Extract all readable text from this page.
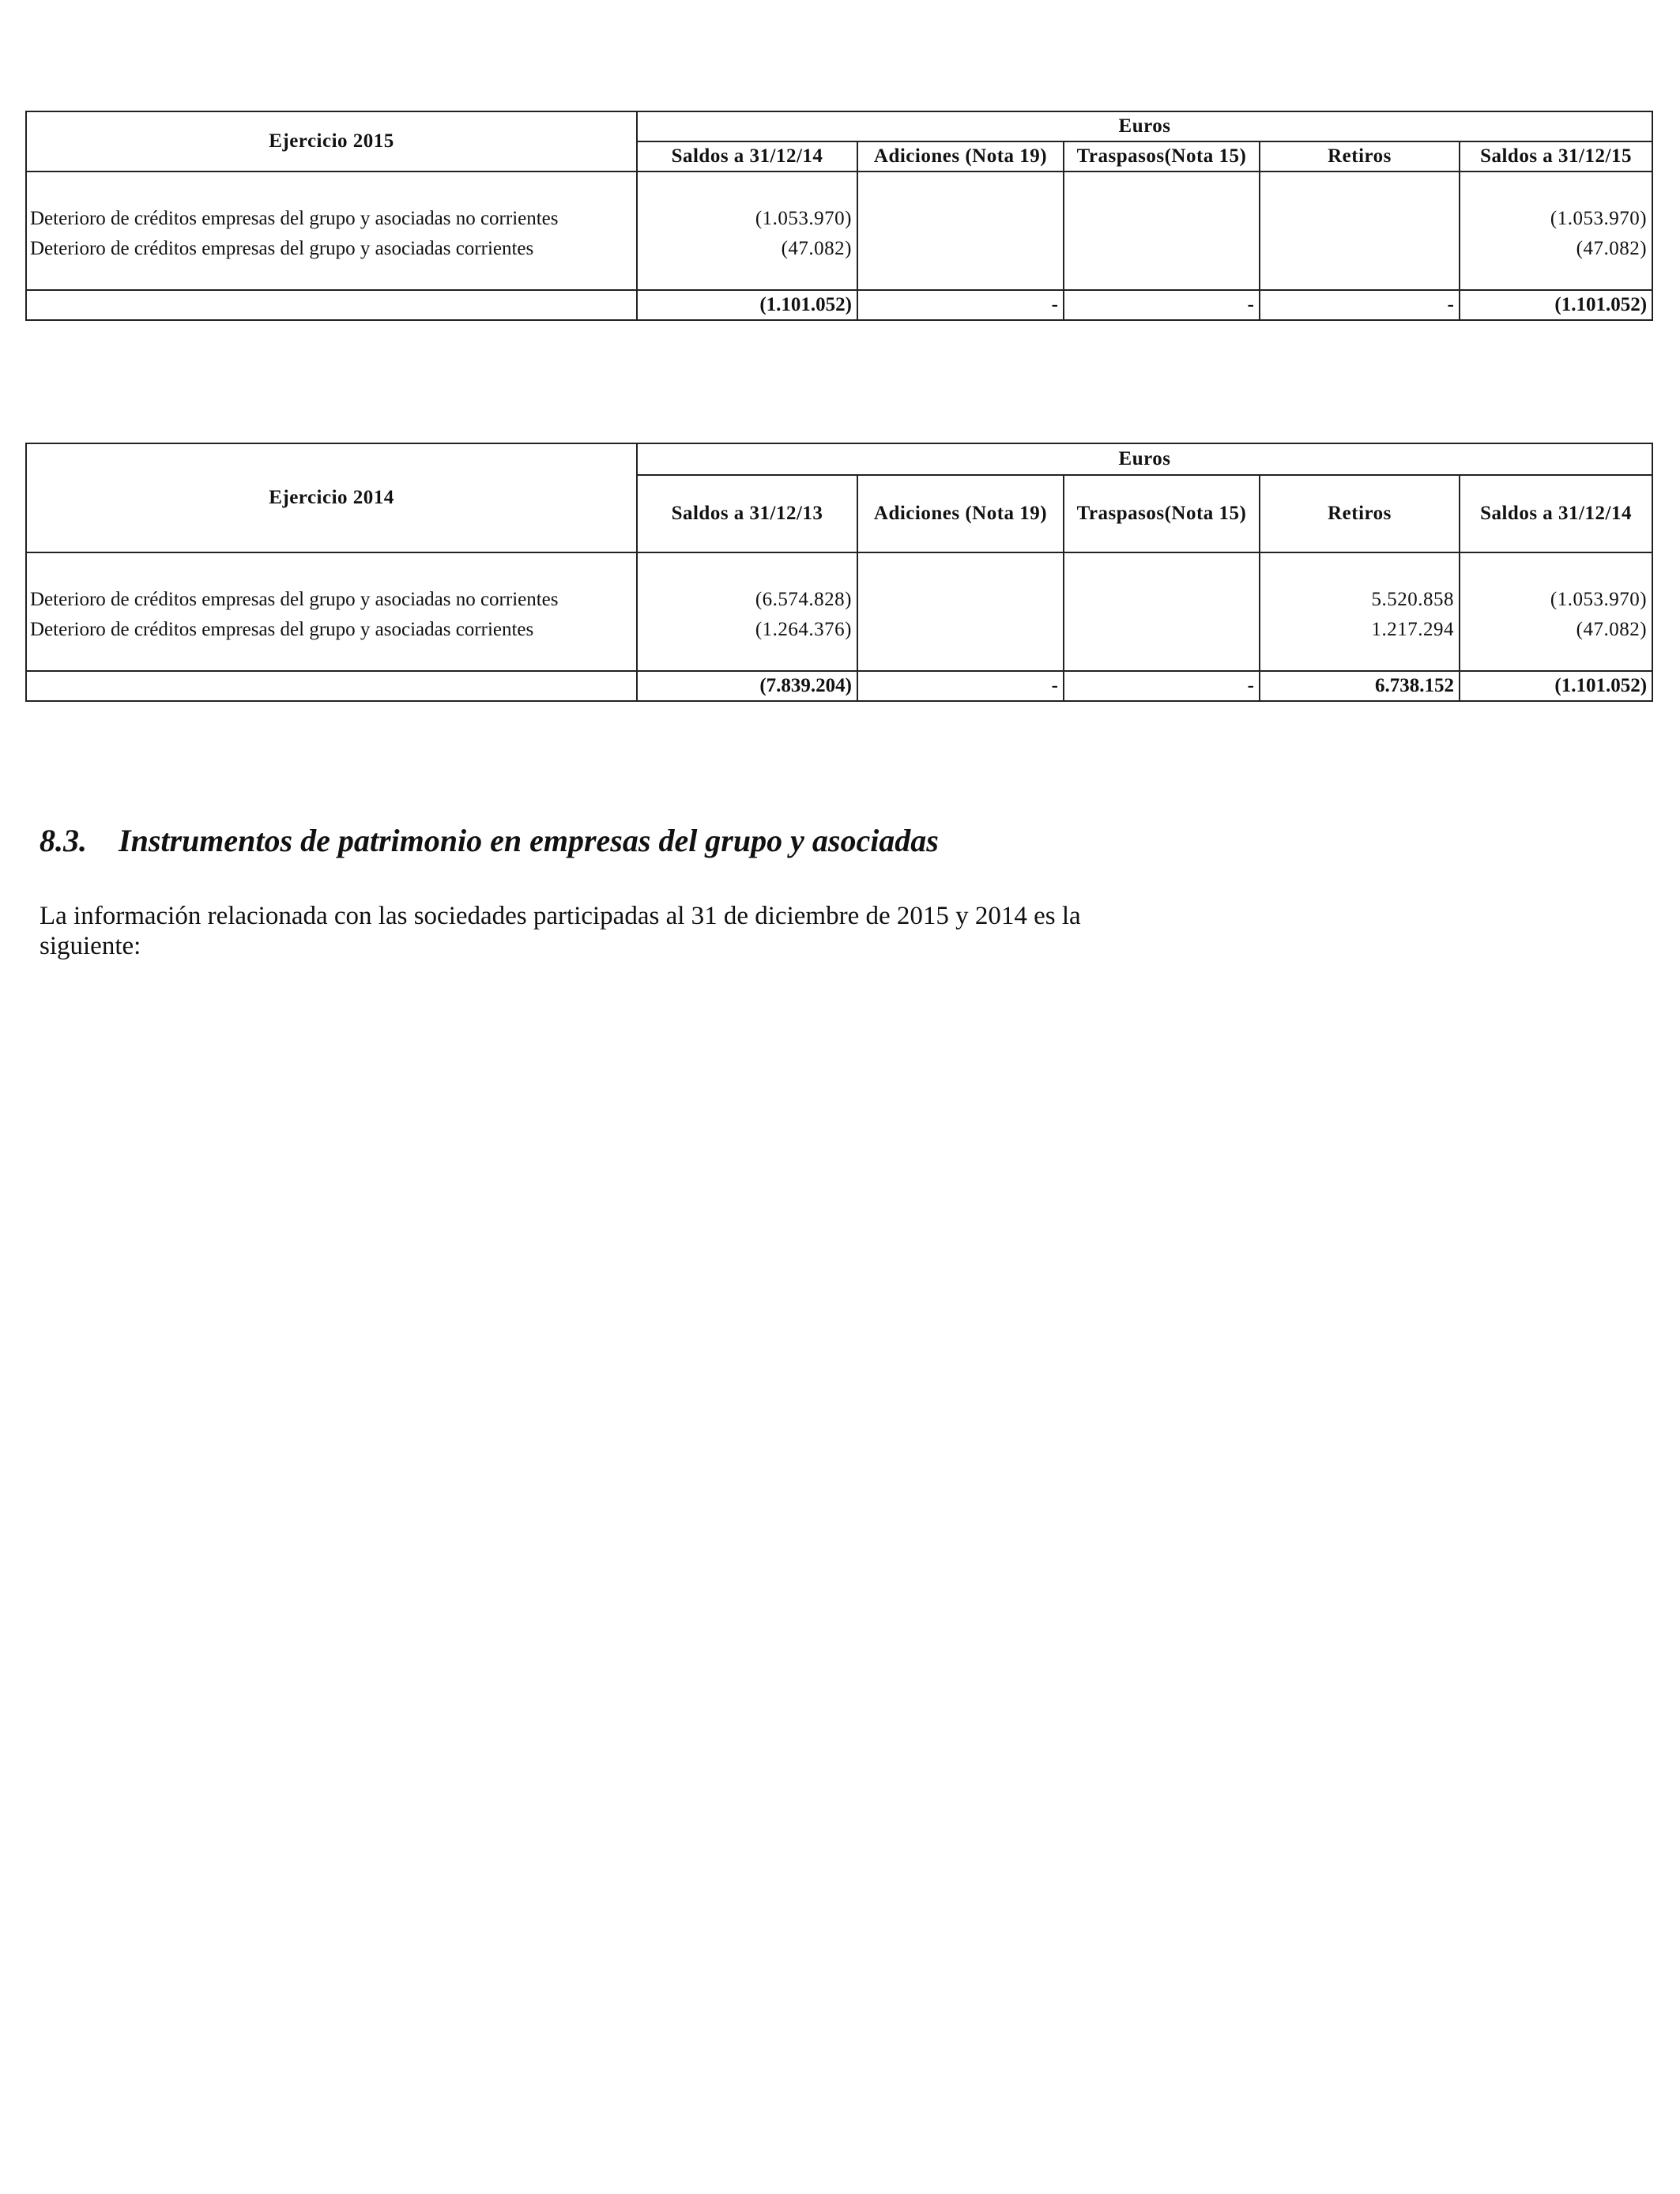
Ejercicio 2015	Euros				
	Saldos a 31/12/14	Adiciones (Nota 19)	Traspasos(Nota 15)	Retiros	Saldos a 31/12/15

Deterioro de créditos empresas del grupo y asociadas no corrientes	(1.053.970)				(1.053.970)
Deterioro de créditos empresas del grupo y asociadas corrientes	(47.082)				(47.082)

	(1.101.052)	-	-	-	(1.101.052)
Ejercicio 2014	Euros				
	Saldos a 31/12/13	Adiciones (Nota 19)	Traspasos(Nota 15)	Retiros	Saldos a 31/12/14

Deterioro de créditos empresas del grupo y asociadas no corrientes	(6.574.828)			5.520.858	(1.053.970)
Deterioro de créditos empresas del grupo y asociadas corrientes	(1.264.376)			1.217.294	(47.082)

	(7.839.204)	-	-	6.738.152	(1.101.052)
8.3. Instrumentos de patrimonio en empresas del grupo y asociadas

La información relacionada con las sociedades participadas al 31 de diciembre de 2015 y 2014 es la
siguiente:
